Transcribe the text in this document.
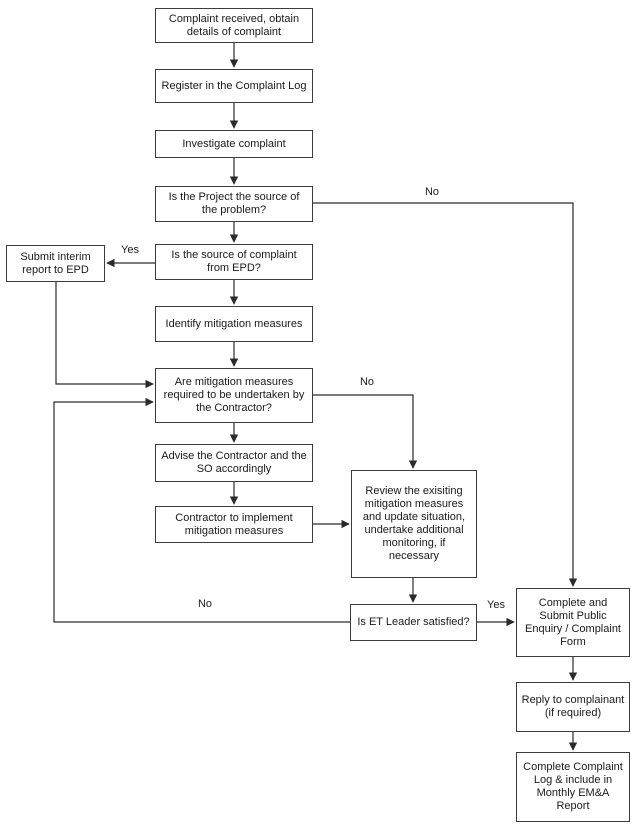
Complaint received, obtain details of complaint
Register in the Complaint Log
Investigate complaint
Is the Project the source of the problem?
Is the source of complaint from EPD?
Submit interim report to EPD
Identify mitigation measures
Are mitigation measures required to be undertaken by the Contractor?
Advise the Contractor and the SO accordingly
Contractor to implement mitigation measures
Review the exisiting mitigation measures and update situation, undertake additional monitoring, if necessary
Is ET Leader satisfied?
Complete and Submit Public Enquiry / Complaint Form
Reply to complainant (if required)
Complete Complaint Log & include in Monthly EM&A Report
No
Yes
No
No	Yes
